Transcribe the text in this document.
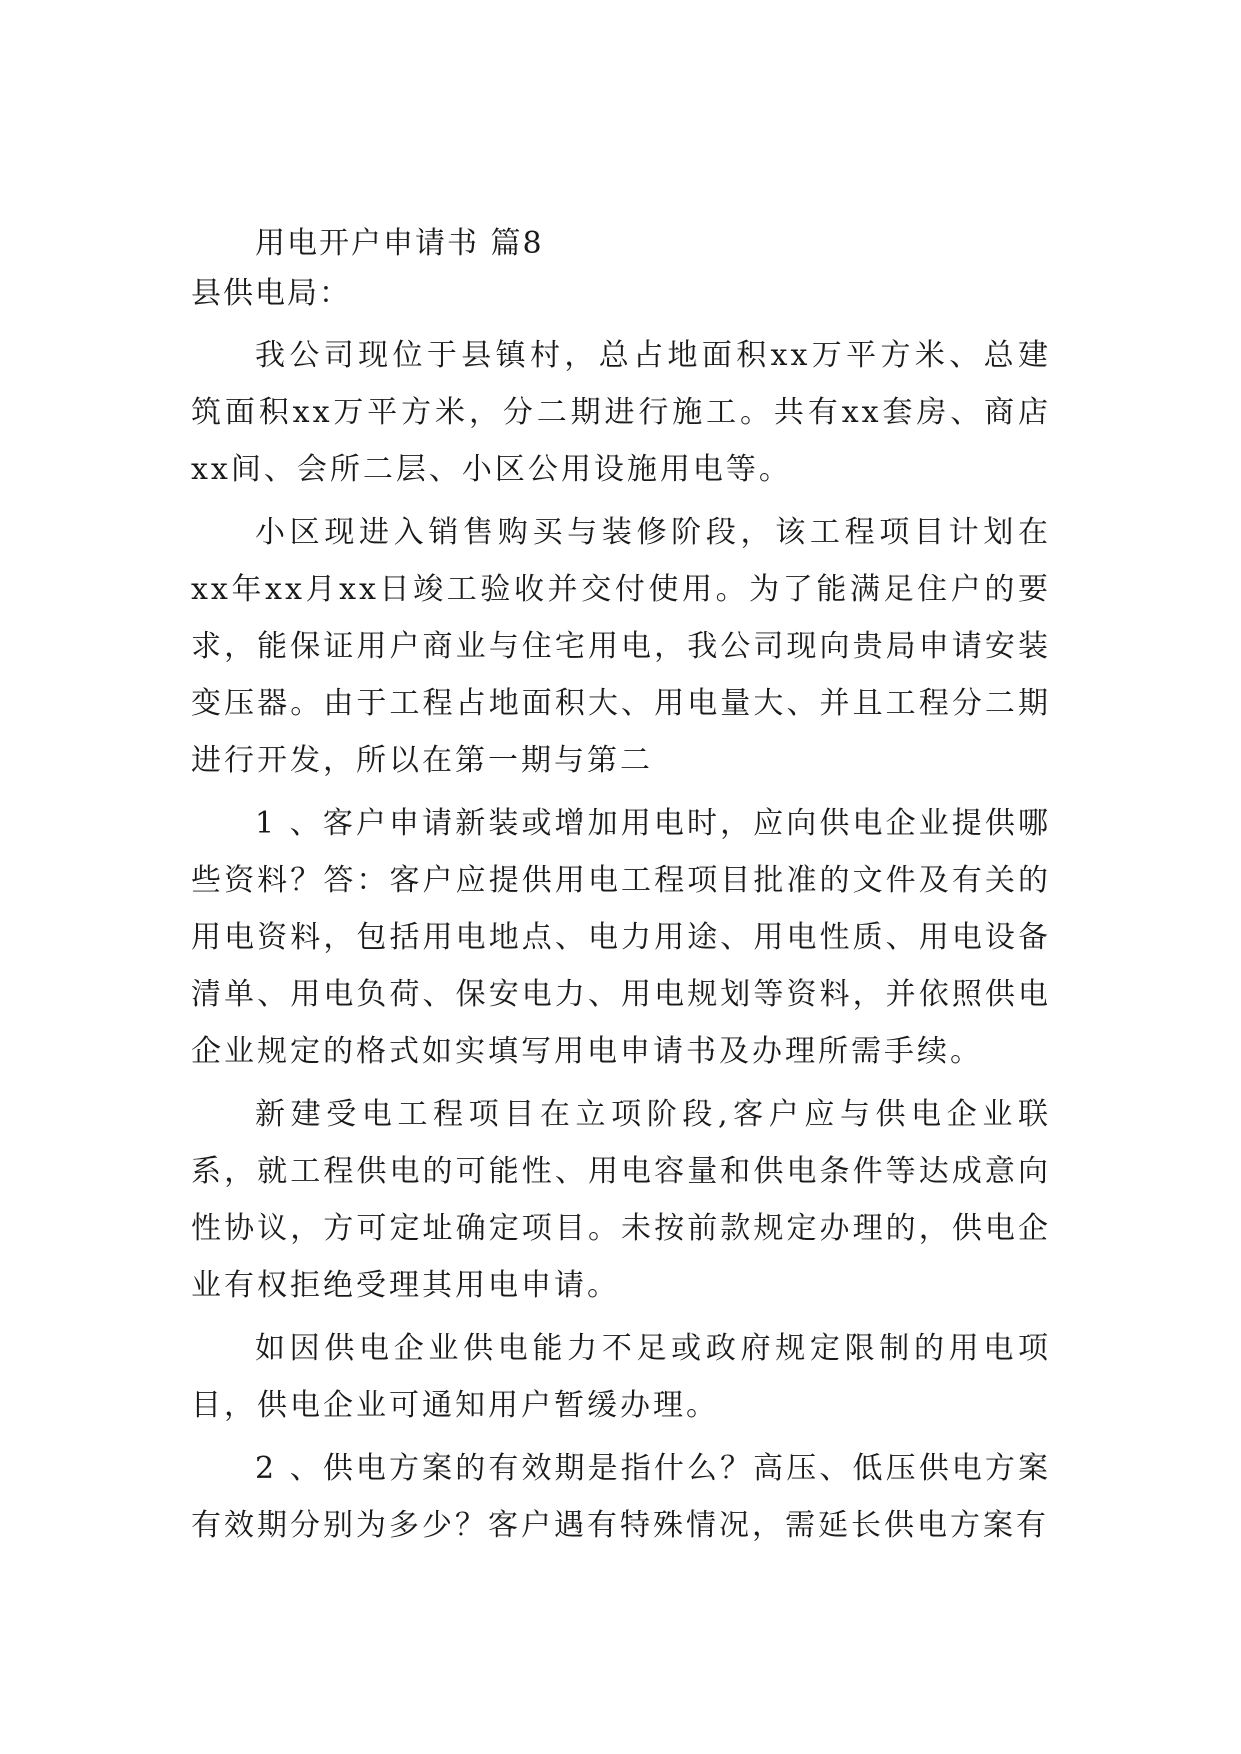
用电开户申请书 篇8

县供电局：

我公司现位于县镇村，总占地面积xx万平方米、总建筑面积xx万平方米，分二期进行施工。共有xx套房、商店xx间、会所二层、小区公用设施用电等。

小区现进入销售购买与装修阶段，该工程项目计划在xx年xx月xx日竣工验收并交付使用。为了能满足住户的要求，能保证用户商业与住宅用电，我公司现向贵局申请安装变压器。由于工程占地面积大、用电量大、并且工程分二期进行开发，所以在第一期与第二

1 、客户申请新装或增加用电时，应向供电企业提供哪些资料？答：客户应提供用电工程项目批准的文件及有关的用电资料，包括用电地点、电力用途、用电性质、用电设备清单、用电负荷、保安电力、用电规划等资料，并依照供电企业规定的格式如实填写用电申请书及办理所需手续。

新建受电工程项目在立项阶段,客户应与供电企业联系，就工程供电的可能性、用电容量和供电条件等达成意向性协议，方可定址确定项目。未按前款规定办理的，供电企业有权拒绝受理其用电申请。

如因供电企业供电能力不足或政府规定限制的用电项目，供电企业可通知用户暂缓办理。

2 、供电方案的有效期是指什么？高压、低压供电方案有效期分别为多少？客户遇有特殊情况，需延长供电方案有
